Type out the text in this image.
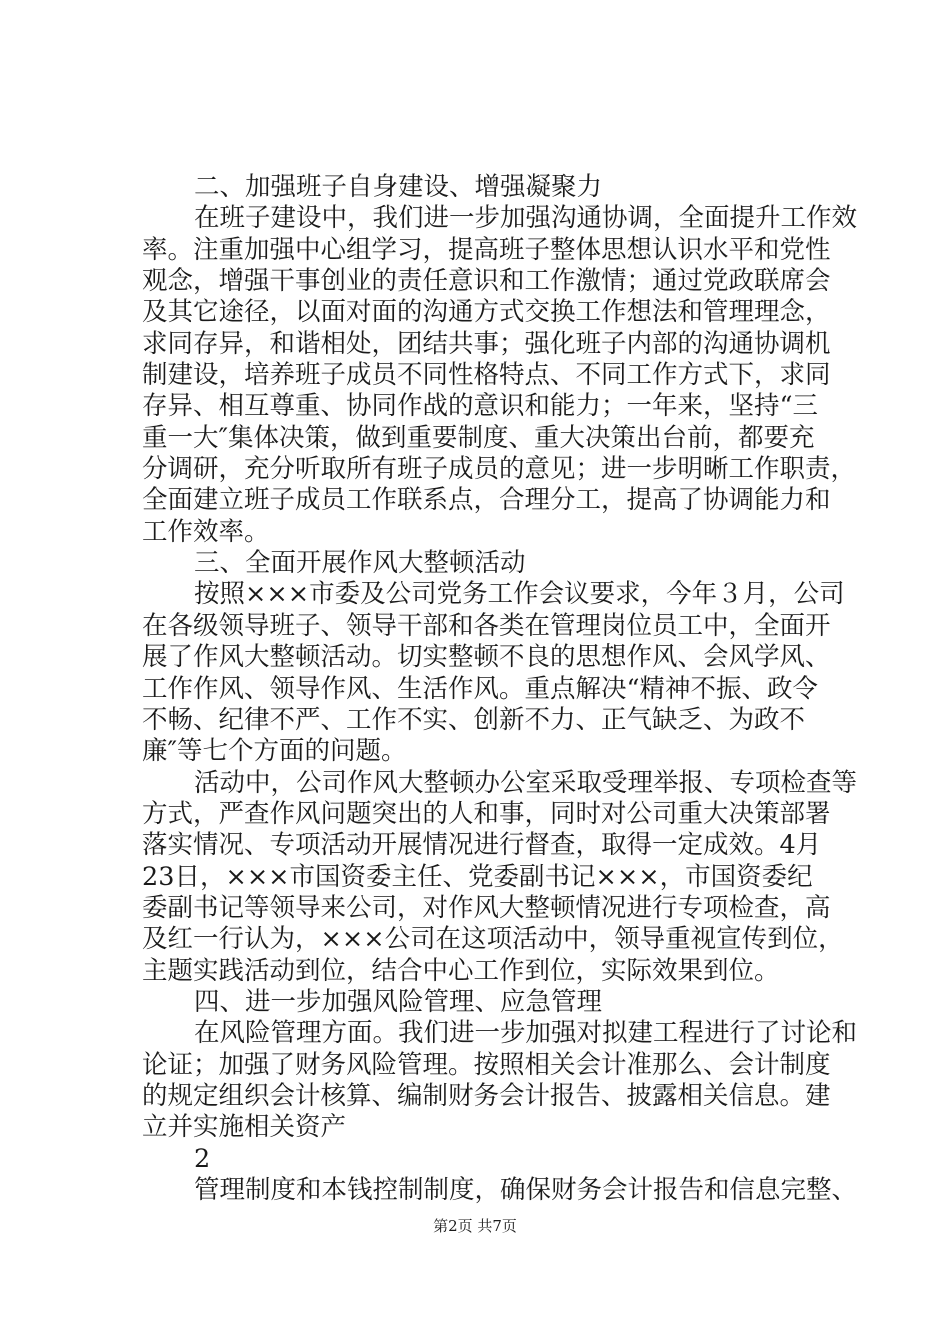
二、加强班子自身建设、增强凝聚力
在班子建设中，我们进一步加强沟通协调，全面提升工作效
率。注重加强中心组学习，提高班子整体思想认识水平和党性
观念，增强干事创业的责任意识和工作激情；通过党政联席会
及其它途径，以面对面的沟通方式交换工作想法和管理理念，
求同存异，和谐相处，团结共事；强化班子内部的沟通协调机
制建设，培养班子成员不同性格特点、不同工作方式下，求同
存异、相互尊重、协同作战的意识和能力；一年来，坚持“三
重一大″集体决策，做到重要制度、重大决策出台前，都要充
分调研，充分听取所有班子成员的意见；进一步明晰工作职责，
全面建立班子成员工作联系点，合理分工，提高了协调能力和
工作效率。
三、全面开展作风大整顿活动
按照×××市委及公司党务工作会议要求，今年３月，公司
在各级领导班子、领导干部和各类在管理岗位员工中，全面开
展了作风大整顿活动。切实整顿不良的思想作风、会风学风、
工作作风、领导作风、生活作风。重点解决“精神不振、政令
不畅、纪律不严、工作不实、创新不力、正气缺乏、为政不
廉″等七个方面的问题。
活动中，公司作风大整顿办公室采取受理举报、专项检查等
方式，严查作风问题突出的人和事，同时对公司重大决策部署
落实情况、专项活动开展情况进行督查，取得一定成效。4月
23日，×××市国资委主任、党委副书记×××，市国资委纪
委副书记等领导来公司，对作风大整顿情况进行专项检查，高
及红一行认为，×××公司在这项活动中，领导重视宣传到位，
主题实践活动到位，结合中心工作到位，实际效果到位。
四、进一步加强风险管理、应急管理
在风险管理方面。我们进一步加强对拟建工程进行了讨论和
论证；加强了财务风险管理。按照相关会计准那么、会计制度
的规定组织会计核算、编制财务会计报告、披露相关信息。建
立并实施相关资产
2
管理制度和本钱控制制度，确保财务会计报告和信息完整、
第2页 共7页
